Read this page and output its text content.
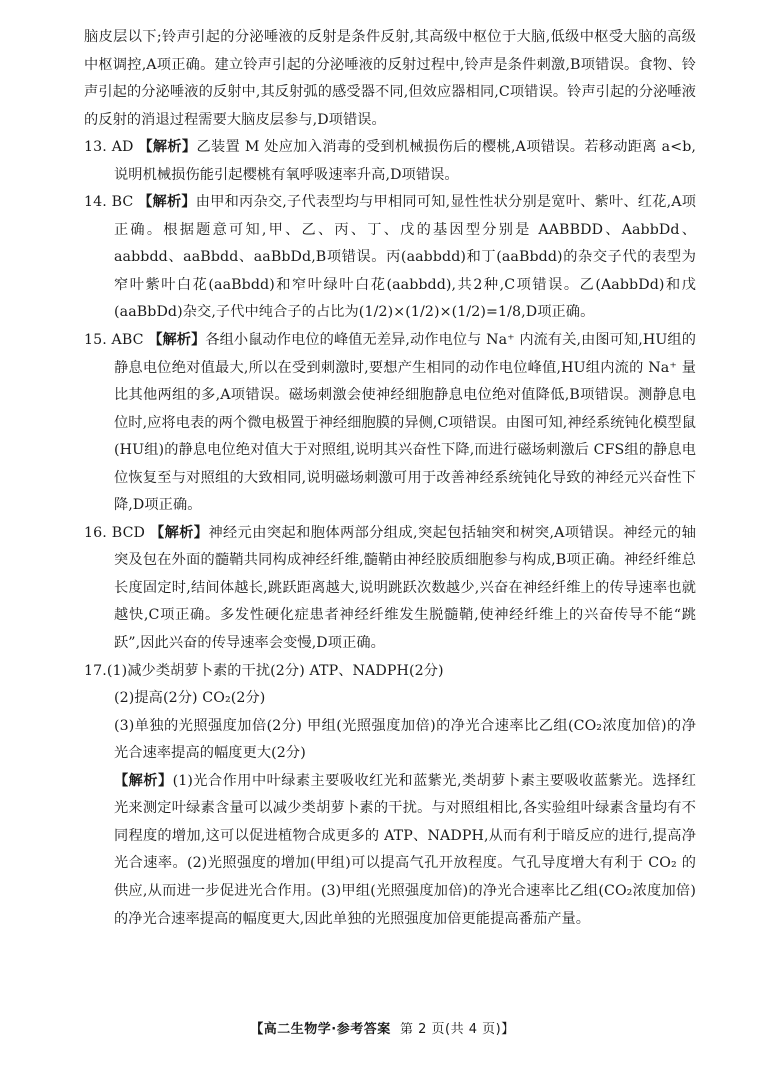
脑皮层以下;铃声引起的分泌唾液的反射是条件反射,其高级中枢位于大脑,低级中枢受大脑的高级中枢调控,A项正确。建立铃声引起的分泌唾液的反射过程中,铃声是条件刺激,B项错误。食物、铃声引起的分泌唾液的反射中,其反射弧的感受器不同,但效应器相同,C项错误。铃声引起的分泌唾液的反射的消退过程需要大脑皮层参与,D项错误。

13. AD 【解析】乙装置 M 处应加入消毒的受到机械损伤后的樱桃,A项错误。若移动距离 a<b,说明机械损伤能引起樱桃有氧呼吸速率升高,D项错误。

14. BC 【解析】由甲和丙杂交,子代表型均与甲相同可知,显性性状分别是宽叶、紫叶、红花,A项正确。根据题意可知,甲、乙、丙、丁、戊的基因型分别是 AABBDD、AabbDd、aabbdd、aaBbdd、aaBbDd,B项错误。丙(aabbdd)和丁(aaBbdd)的杂交子代的表型为窄叶紫叶白花(aaBbdd)和窄叶绿叶白花(aabbdd),共2种,C项错误。乙(AabbDd)和戊(aaBbDd)杂交,子代中纯合子的占比为(1/2)×(1/2)×(1/2)=1/8,D项正确。

15. ABC 【解析】各组小鼠动作电位的峰值无差异,动作电位与 Na⁺ 内流有关,由图可知,HU组的静息电位绝对值最大,所以在受到刺激时,要想产生相同的动作电位峰值,HU组内流的 Na⁺ 量比其他两组的多,A项错误。磁场刺激会使神经细胞静息电位绝对值降低,B项错误。测静息电位时,应将电表的两个微电极置于神经细胞膜的异侧,C项错误。由图可知,神经系统钝化模型鼠(HU组)的静息电位绝对值大于对照组,说明其兴奋性下降,而进行磁场刺激后 CFS组的静息电位恢复至与对照组的大致相同,说明磁场刺激可用于改善神经系统钝化导致的神经元兴奋性下降,D项正确。

16. BCD 【解析】神经元由突起和胞体两部分组成,突起包括轴突和树突,A项错误。神经元的轴突及包在外面的髓鞘共同构成神经纤维,髓鞘由神经胶质细胞参与构成,B项正确。神经纤维总长度固定时,结间体越长,跳跃距离越大,说明跳跃次数越少,兴奋在神经纤维上的传导速率也就越快,C项正确。多发性硬化症患者神经纤维发生脱髓鞘,使神经纤维上的兴奋传导不能“跳跃”,因此兴奋的传导速率会变慢,D项正确。

17.(1)减少类胡萝卜素的干扰(2分) ATP、NADPH(2分)

(2)提高(2分) CO₂(2分)

(3)单独的光照强度加倍(2分) 甲组(光照强度加倍)的净光合速率比乙组(CO₂浓度加倍)的净光合速率提高的幅度更大(2分)

【解析】(1)光合作用中叶绿素主要吸收红光和蓝紫光,类胡萝卜素主要吸收蓝紫光。选择红光来测定叶绿素含量可以减少类胡萝卜素的干扰。与对照组相比,各实验组叶绿素含量均有不同程度的增加,这可以促进植物合成更多的 ATP、NADPH,从而有利于暗反应的进行,提高净光合速率。(2)光照强度的增加(甲组)可以提高气孔开放程度。气孔导度增大有利于 CO₂ 的供应,从而进一步促进光合作用。(3)甲组(光照强度加倍)的净光合速率比乙组(CO₂浓度加倍)的净光合速率提高的幅度更大,因此单独的光照强度加倍更能提高番茄产量。

【高二生物学·参考答案 第 2 页(共 4 页)】
